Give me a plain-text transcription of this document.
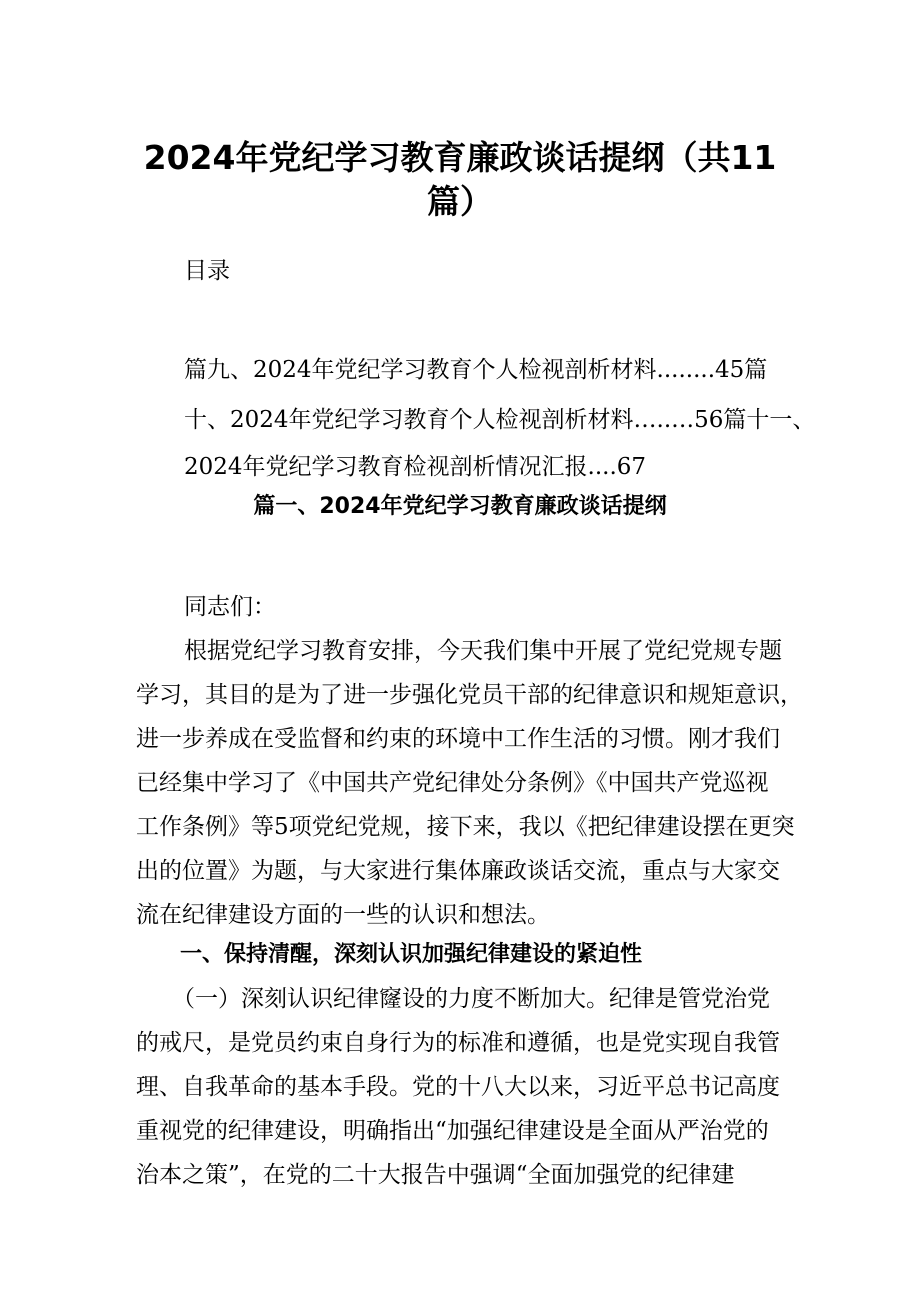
2024年党纪学习教育廉政谈话提纲（共11
篇）

目录

篇九、2024年党纪学习教育个人检视剖析材料........45篇

十、2024年党纪学习教育个人检视剖析材料…..…56篇十一、

2024年党纪学习教育检视剖析情况汇报....67

篇一、2024年党纪学习教育廉政谈话提纲

同志们：

根据党纪学习教育安排，今天我们集中开展了党纪党规专题

学习，其目的是为了进一步强化党员干部的纪律意识和规矩意识，

进一步养成在受监督和约束的环境中工作生活的习惯。刚才我们

已经集中学习了《中国共产党纪律处分条例》《中国共产党巡视

工作条例》等5项党纪党规，接下来，我以《把纪律建设摆在更突

出的位置》为题，与大家进行集体廉政谈话交流，重点与大家交

流在纪律建设方面的一些的认识和想法。

一、保持清醒，深刻认识加强纪律建设的紧迫性

（一）深刻认识纪律窿设的力度不断加大。纪律是管党治党

的戒尺，是党员约束自身行为的标准和遵循，也是党实现自我管

理、自我革命的基本手段。党的十八大以来，习近平总书记高度

重视党的纪律建设，明确指出“加强纪律建设是全面从严治党的

治本之策”，在党的二十大报告中强调“全面加强党的纪律建
